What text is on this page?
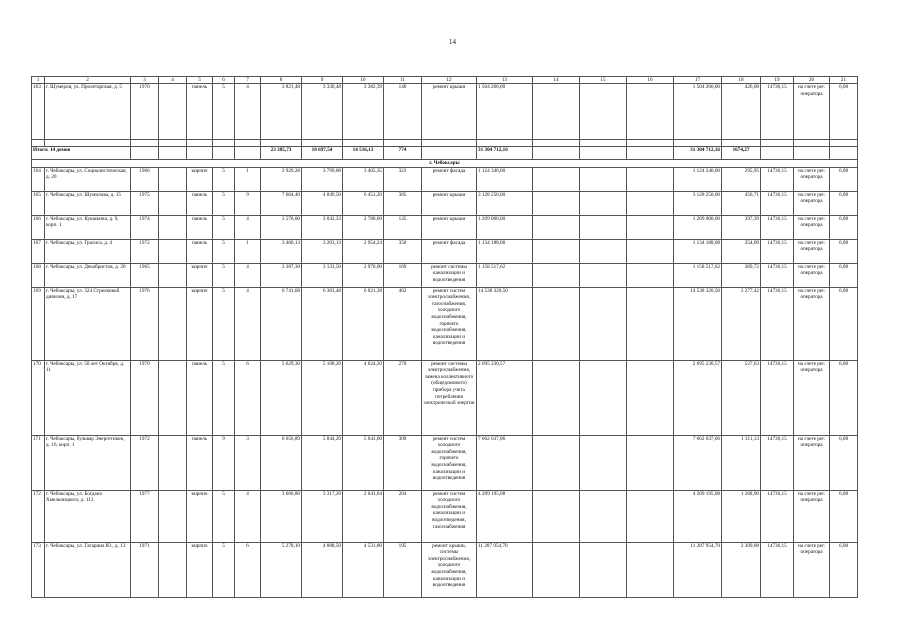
14
1	2	3	4	5	6	7	8	9	10	11	12	13	14	15	16	17	18	19	20	21
163	г. Шумерля, ул. Пролетарская, д. 5	1970		панель	5	4	3 821,48	3 330,48	3 382,39	140	ремонт крыши	1 504 266,00				1 504 266,00	426,08	14736,15	на счете рег. оператора	6,08

Итого: 14 домов							23 385,73	18 697,54	14 516,13	774		31 304 712,16				31 304 712,16	1674,27			
г. Чебоксары																				
164	г. Чебоксары, ул. Социалистическая, д. 20	1966		кирпич	5	1	3 920,28	3 799,08	3 405,35	323	ремонт фасада	1 124 346,00				1 124 346,00	295,95	14736,15	на счете рег. оператора	6,08
165	г. Чебоксары, ул. Шумилова, д. 15	1975		панель	5	9	7 604,40	4 849,50	6 451,20	385	ремонт крыши	3 128 250,00				3 128 250,00	456,71	14736,15	на счете рег. оператора	6,08
166	г. Чебоксары, ул. Кукшкина, д. 9, корп. 1	1974		панель	5	4	3 576,00	3 042,33	2 780,60	135	ремонт крыши	1 209 000,00				1 209 000,00	397,39	14736,15	на счете рег. оператора	6,08
167	г. Чебоксары, ул. Грасиса, д. 4	1972		панель	5	1	3 406,13	3 203,13	2 954,24	350	ремонт фасада	1 134 188,08				1 134 188,08	354,09	14736,15	на счете рег. оператора	6,08
168	г. Чебоксары, ул. Декабристов, д. 20	1965		кирпич	5	4	3 387,30	3 133,50	2 970,00	169	ремонт системы канализации и водоотведения	1 158 517,62				1 158 517,62	369,72	14736,15	на счете рег. оператора	6,08
169	г. Чебоксары, ул. 324 Стрелковой дивизии, д. 17	1976		кирпич	5	4	6 741,68	6 383,48	6 021,38	462	ремонт систем электроснабжения, газоснабжения, холодного водоснабжения, горячего водоснабжения, канализации и водоотведения	14 538 320,50				14 538 320,50	2 277,42	14736,15	на счете рег. оператора	6,08
170	г. Чебоксары, ул. 50 лет Октября, д. 11	1970		панель	5	6	5 629,30	5 108,20	4 624,20	270	ремонт системы электроснабжения, замена коллективного (общедомового) прибора учета потребления электрической энергии	2 695 230,57				2 695 230,57	527,63	14736,15	на счете рег. оператора	6,08
171	г. Чебоксары, бульвар Энергетиков, д. 16, корп. 1	1972		панель	9	3	6 656,89	5 844,20	5 641,60	309	ремонт систем холодного водоснабжения, горячего водоснабжения, канализации и водоотведения	7 662 637,06				7 662 637,06	1 311,13	14736,15	на счете рег. оператора	6,08
172	г. Чебоксары, ул. Богдана Хмельницкого, д. 113	1977		кирпич	5	4	3 666,80	3 317,20	2 641,04	204	ремонт систем холодного водоснабжения, канализации и водоотведения, газоснабжения	4 209 195,08				4 209 195,08	1 268,90	14736,15	на счете рег. оператора	6,08
173	г. Чебоксары, ул. Гагарина Ю., д. 13	1971		кирпич	5	6	5 278,10	4 888,50	4 531,80	195	ремонт крыши, системы электроснабжения, холодного водоснабжения, канализации и водоотведения	11 287 954,70				11 287 954,70	2 309,08	14736,15	на счете рег. оператора	6,08
